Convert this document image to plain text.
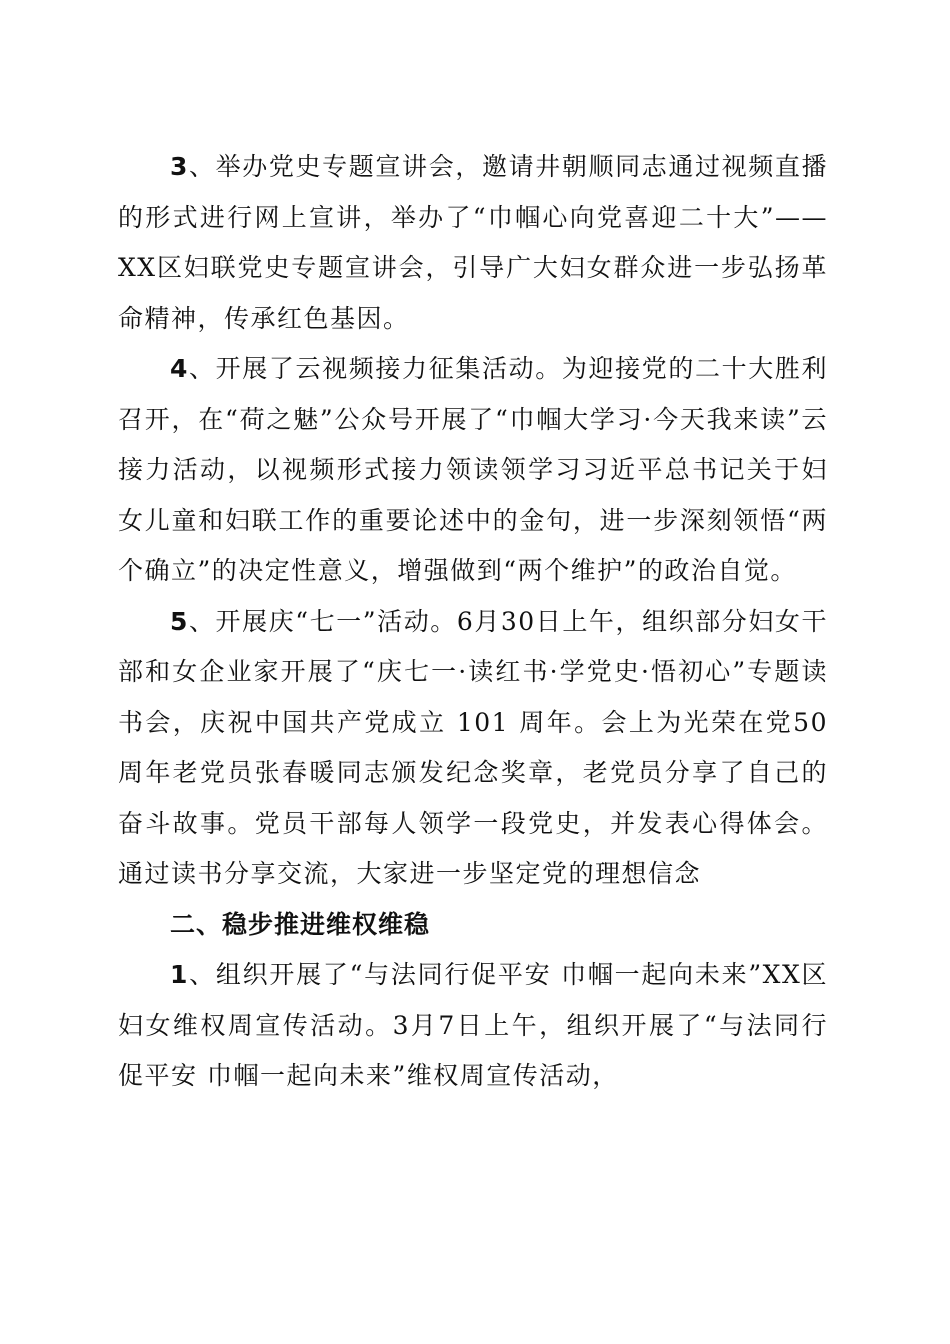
3、举办党史专题宣讲会，邀请井朝顺同志通过视频直播的形式进行网上宣讲，举办了“巾帼心向党喜迎二十大”——XX区妇联党史专题宣讲会，引导广大妇女群众进一步弘扬革命精神，传承红色基因。

4、开展了云视频接力征集活动。为迎接党的二十大胜利召开，在“荷之魅”公众号开展了“巾帼大学习·今天我来读”云接力活动，以视频形式接力领读领学习习近平总书记关于妇女儿童和妇联工作的重要论述中的金句，进一步深刻领悟“两个确立”的决定性意义，增强做到“两个维护”的政治自觉。

5、开展庆“七一”活动。6月30日上午，组织部分妇女干部和女企业家开展了“庆七一·读红书·学党史·悟初心”专题读书会，庆祝中国共产党成立 101 周年。会上为光荣在党50周年老党员张春暖同志颁发纪念奖章，老党员分享了自己的奋斗故事。党员干部每人领学一段党史，并发表心得体会。通过读书分享交流，大家进一步坚定党的理想信念

二、稳步推进维权维稳

1、组织开展了“与法同行促平安 巾帼一起向未来”XX区妇女维权周宣传活动。3月7日上午，组织开展了“与法同行促平安 巾帼一起向未来”维权周宣传活动，
